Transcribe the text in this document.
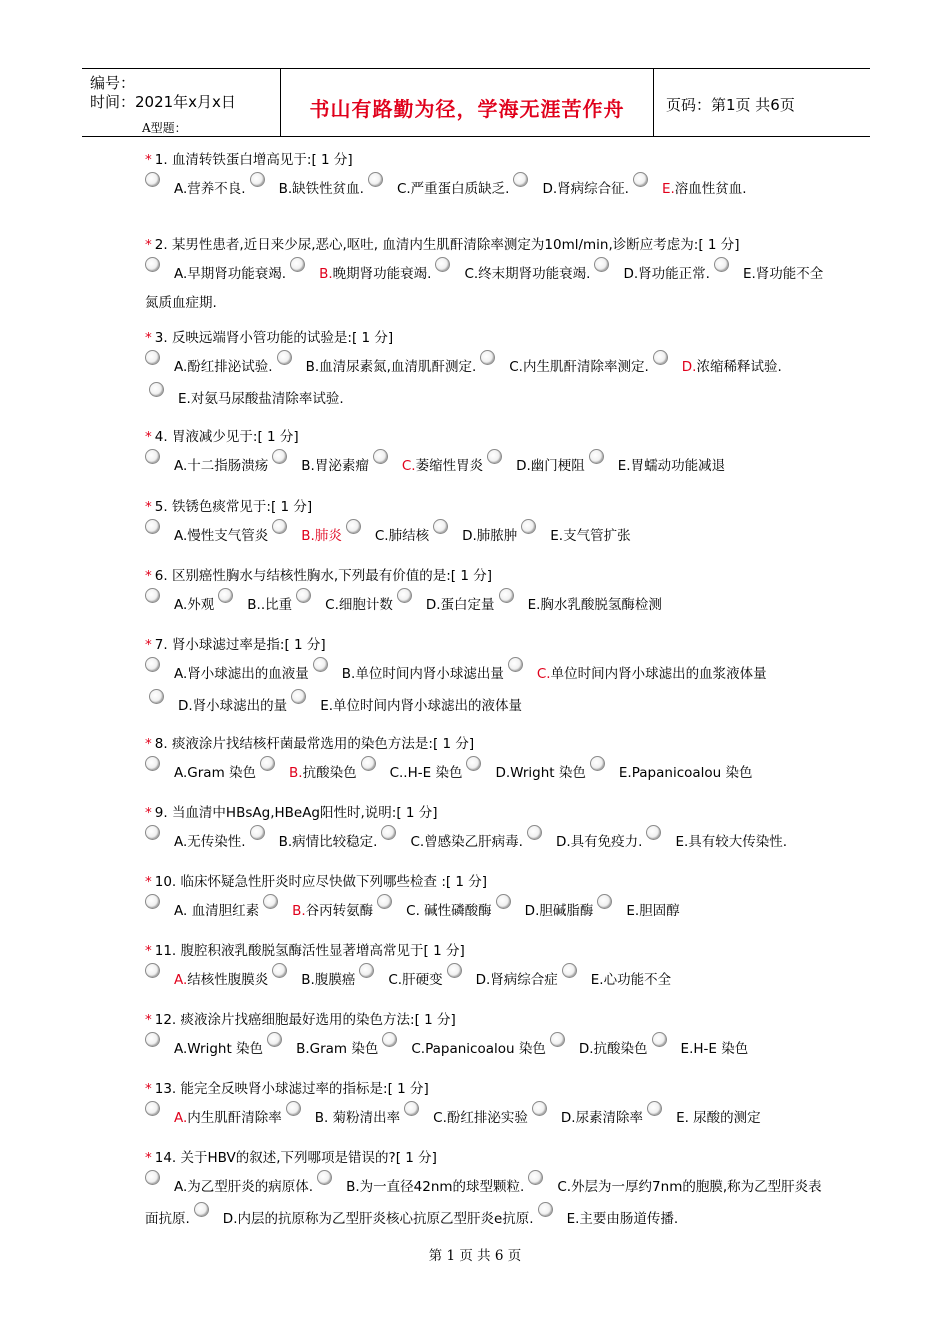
编号：
时间：2021年x月x日
A型题：
书山有路勤为径，学海无涯苦作舟	页码：第1页 共6页
* 1. 血清转铁蛋白增高见于:[ 1 分]
A.营养不良. B.缺铁性贫血. C.严重蛋白质缺乏. D.肾病综合征. E.溶血性贫血.
* 2. 某男性患者,近日来少尿,恶心,呕吐, 血清内生肌酐清除率测定为10ml/min,诊断应考虑为:[ 1 分]
A.早期肾功能衰竭. B.晚期肾功能衰竭. C.终末期肾功能衰竭. D.肾功能正常. E.肾功能不全氮质血症期.
* 3. 反映远端肾小管功能的试验是:[ 1 分]
A.酚红排泌试验. B.血清尿素氮,血清肌酐测定. C.内生肌酐清除率测定. D.浓缩稀释试验.
E.对氨马尿酸盐清除率试验.
* 4. 胃液减少见于:[ 1 分]
A.十二指肠溃疡 B.胃泌素瘤 C.萎缩性胃炎 D.幽门梗阻 E.胃蠕动功能减退
* 5. 铁锈色痰常见于:[ 1 分]
A.慢性支气管炎 B.肺炎 C.肺结核 D.肺脓肿 E.支气管扩张
* 6. 区别癌性胸水与结核性胸水,下列最有价值的是:[ 1 分]
A.外观 B..比重 C.细胞计数 D.蛋白定量 E.胸水乳酸脱氢酶检测
* 7. 肾小球滤过率是指:[ 1 分]
A.肾小球滤出的血液量 B.单位时间内肾小球滤出量 C.单位时间内肾小球滤出的血浆液体量
D.肾小球滤出的量 E.单位时间内肾小球滤出的液体量
* 8. 痰液涂片找结核杆菌最常选用的染色方法是:[ 1 分]
A.Gram 染色 B.抗酸染色 C..H-E 染色 D.Wright 染色 E.Papanicoalou 染色
* 9. 当血清中HBsAg,HBeAg阳性时,说明:[ 1 分]
A.无传染性. B.病情比较稳定. C.曾感染乙肝病毒. D.具有免疫力. E.具有较大传染性.
* 10. 临床怀疑急性肝炎时应尽快做下列哪些检查 :[ 1 分]
A. 血清胆红素 B.谷丙转氨酶 C. 碱性磷酸酶 D.胆碱脂酶 E.胆固醇
* 11. 腹腔积液乳酸脱氢酶活性显著增高常见于[ 1 分]
A.结核性腹膜炎 B.腹膜癌 C.肝硬变 D.肾病综合症 E.心功能不全
* 12. 痰液涂片找癌细胞最好选用的染色方法:[ 1 分]
A.Wright 染色 B.Gram 染色 C.Papanicoalou 染色 D.抗酸染色 E.H-E 染色
* 13. 能完全反映肾小球滤过率的指标是:[ 1 分]
A.内生肌酐清除率 B. 菊粉清出率 C.酚红排泌实验 D.尿素清除率 E. 尿酸的测定
* 14. 关于HBV的叙述,下列哪项是错误的?[ 1 分]
A.为乙型肝炎的病原体. B.为一直径42nm的球型颗粒. C.外层为一厚约7nm的胞膜,称为乙型肝炎表面抗原. D.内层的抗原称为乙型肝炎核心抗原乙型肝炎e抗原. E.主要由肠道传播.
第 1 页 共 6 页
